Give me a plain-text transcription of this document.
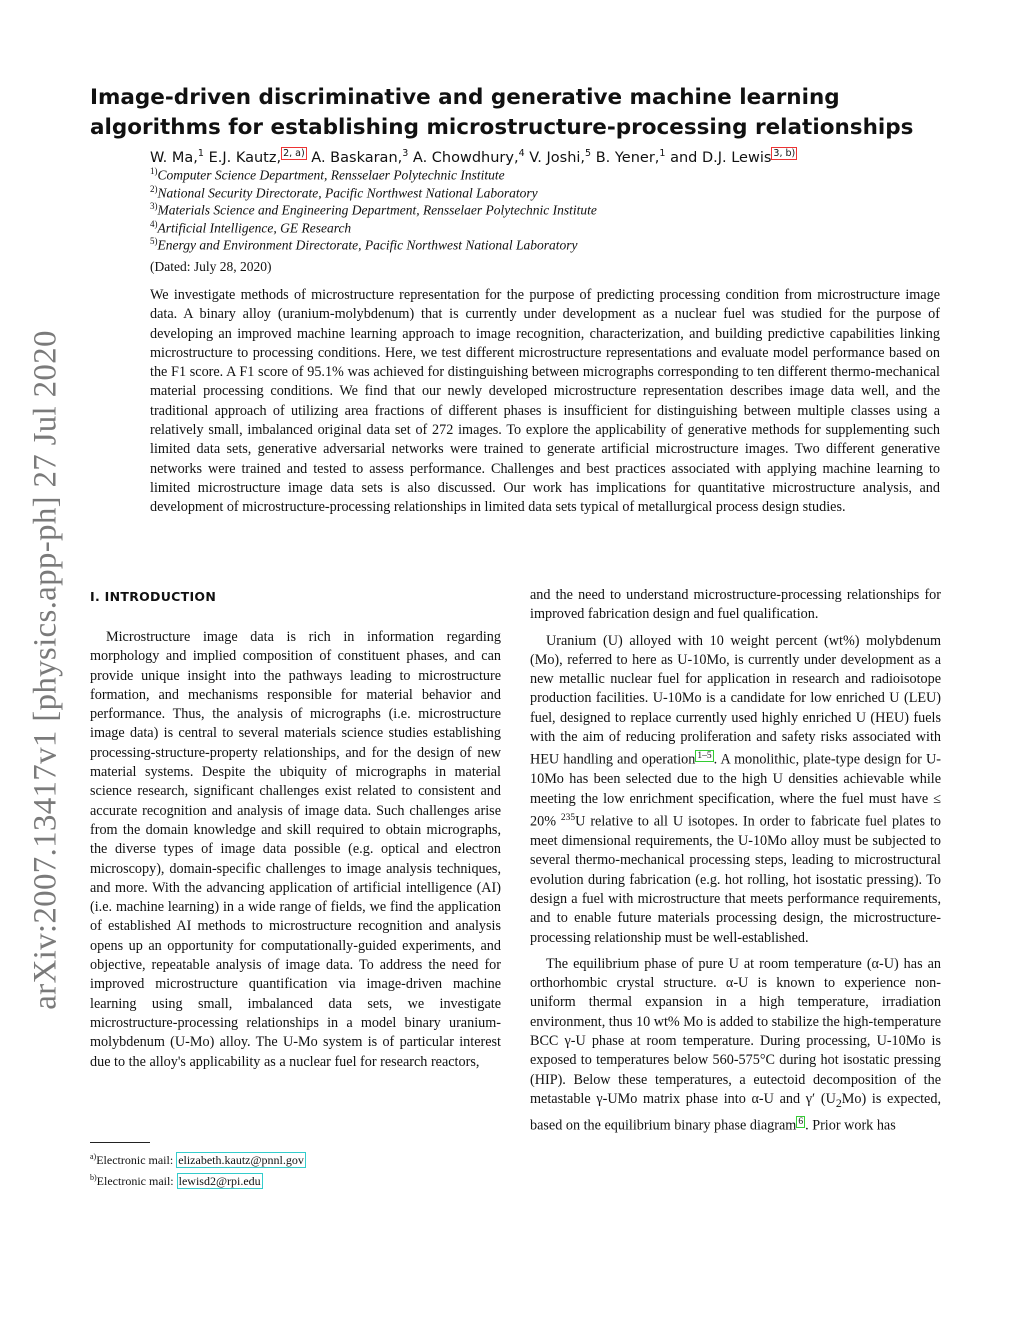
arXiv:2007.13417v1 [physics.app-ph] 27 Jul 2020
Image-driven discriminative and generative machine learning algorithms for establishing microstructure-processing relationships
W. Ma,$^1$ E.J. Kautz, $^{2, a)}$ A. Baskaran,$^3$ A. Chowdhury,$^4$ V. Joshi,$^5$ B. Yener,$^1$ and D.J. Lewis $^{3, b)}$
$^{1)}$Computer Science Department, Rensselaer Polytechnic Institute
$^{2)}$National Security Directorate, Pacific Northwest National Laboratory
$^{3)}$Materials Science and Engineering Department, Rensselaer Polytechnic Institute
$^{4)}$Artificial Intelligence, GE Research
$^{5)}$Energy and Environment Directorate, Pacific Northwest National Laboratory
(Dated: July 28, 2020)
We investigate methods of microstructure representation for the purpose of predicting processing condition from microstructure image data. A binary alloy (uranium-molybdenum) that is currently under development as a nuclear fuel was studied for the purpose of developing an improved machine learning approach to image recognition, characterization, and building predictive capabilities linking microstructure to processing conditions. Here, we test different microstructure representations and evaluate model performance based on the F1 score. A F1 score of 95.1% was achieved for distinguishing between micrographs corresponding to ten different thermo-mechanical material processing conditions. We find that our newly developed microstructure representation describes image data well, and the traditional approach of utilizing area fractions of different phases is insufficient for distinguishing between multiple classes using a relatively small, imbalanced original data set of 272 images. To explore the applicability of generative methods for supplementing such limited data sets, generative adversarial networks were trained to generate artificial microstructure images. Two different generative networks were trained and tested to assess performance. Challenges and best practices associated with applying machine learning to limited microstructure image data sets is also discussed. Our work has implications for quantitative microstructure analysis, and development of microstructure-processing relationships in limited data sets typical of metallurgical process design studies.
I. INTRODUCTION

Microstructure image data is rich in information regarding morphology and implied composition of constituent phases, and can provide unique insight into the pathways leading to microstructure formation, and mechanisms responsible for material behavior and performance. Thus, the analysis of micrographs (i.e. microstructure image data) is central to several materials science studies establishing processing-structure-property relationships, and for the design of new material systems. Despite the ubiquity of micrographs in material science research, significant challenges exist related to consistent and accurate recognition and analysis of image data. Such challenges arise from the domain knowledge and skill required to obtain micrographs, the diverse types of image data possible (e.g. optical and electron microscopy), domain-specific challenges to image analysis techniques, and more. With the advancing application of artificial intelligence (AI) (i.e. machine learning) in a wide range of fields, we find the application of established AI methods to microstructure recognition and analysis opens up an opportunity for computationally-guided experiments, and objective, repeatable analysis of image data. To address the need for improved microstructure quantification via image-driven machine learning using small, imbalanced data sets, we investigate microstructure-processing relationships in a model binary uranium-molybdenum (U-Mo) alloy. The U-Mo system is of particular interest due to the alloy's applicability as a nuclear fuel for research reactors,

and the need to understand microstructure-processing relationships for improved fabrication design and fuel qualification.

Uranium (U) alloyed with 10 weight percent (wt%) molybdenum (Mo), referred to here as U-10Mo, is currently under development as a new metallic nuclear fuel for application in research and radioisotope production facilities. U-10Mo is a candidate for low enriched U (LEU) fuel, designed to replace currently used highly enriched U (HEU) fuels with the aim of reducing proliferation and safety risks associated with HEU handling and operation $^{1-5}$ . A monolithic, plate-type design for U-10Mo has been selected due to the high U densities achievable while meeting the low enrichment specification, where the fuel must have ≤ 20% $^{235}$U relative to all U isotopes. In order to fabricate fuel plates to meet dimensional requirements, the U-10Mo alloy must be subjected to several thermo-mechanical processing steps, leading to microstructural evolution during fabrication (e.g. hot rolling, hot isostatic pressing). To design a fuel with microstructure that meets performance requirements, and to enable future materials processing design, the microstructure-processing relationship must be well-established.

The equilibrium phase of pure U at room temperature (α-U) has an orthorhombic crystal structure. α-U is known to experience non-uniform thermal expansion in a high temperature, irradiation environment, thus 10 wt% Mo is added to stabilize the high-temperature BCC γ-U phase at room temperature. During processing, U-10Mo is exposed to temperatures below 560-575°C during hot isostatic pressing (HIP). Below these temperatures, a eutectoid decomposition of the metastable γ-UMo matrix phase into α-U and γ′ $(U_2Mo)$ is expected, based on the equilibrium binary phase diagram $^6$ . Prior work has

$^{a)}$Electronic mail: elizabeth.kautz@pnnl.gov
$^{b)}$Electronic mail: lewisd2@rpi.edu
